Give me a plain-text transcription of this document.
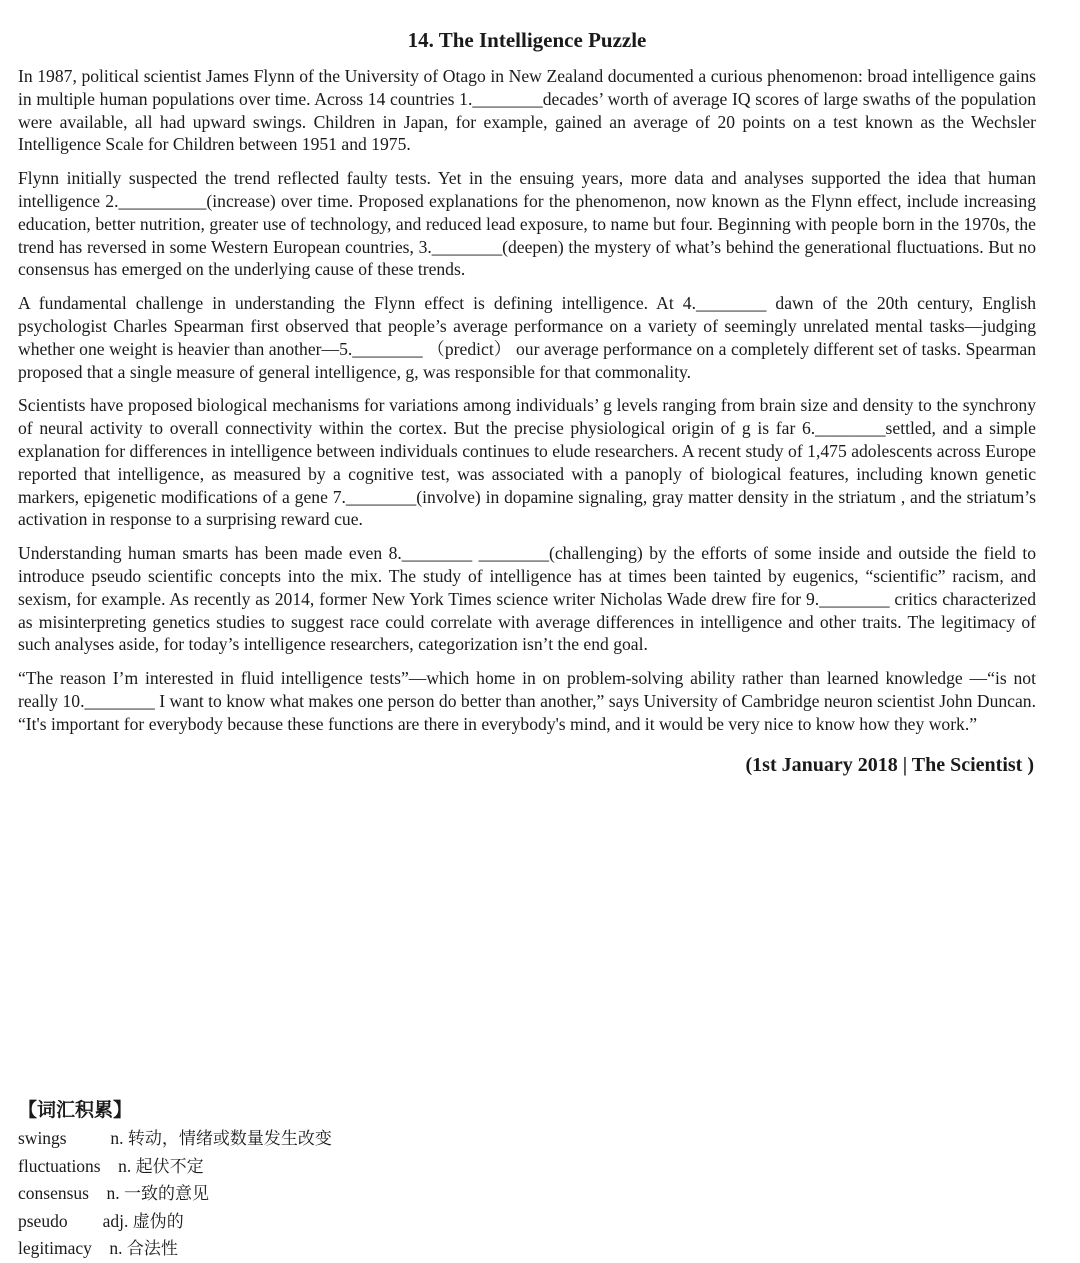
14. The Intelligence Puzzle

In 1987, political scientist James Flynn of the University of Otago in New Zealand documented a curious phenomenon: broad intelligence gains in multiple human populations over time. Across 14 countries 1.________decades’ worth of average IQ scores of large swaths of the population were available, all had upward swings. Children in Japan, for example, gained an average of 20 points on a test known as the Wechsler Intelligence Scale for Children between 1951 and 1975.

Flynn initially suspected the trend reflected faulty tests. Yet in the ensuing years, more data and analyses supported the idea that human intelligence 2.__________(increase) over time. Proposed explanations for the phenomenon, now known as the Flynn effect, include increasing education, better nutrition, greater use of technology, and reduced lead exposure, to name but four. Beginning with people born in the 1970s, the trend has reversed in some Western European countries, 3.________(deepen) the mystery of what’s behind the generational fluctuations. But no consensus has emerged on the underlying cause of these trends.

A fundamental challenge in understanding the Flynn effect is defining intelligence. At 4.________ dawn of the 20th century, English psychologist Charles Spearman first observed that people’s average performance on a variety of seemingly unrelated mental tasks—judging whether one weight is heavier than another—5.________ （predict） our average performance on a completely different set of tasks. Spearman proposed that a single measure of general intelligence, g, was responsible for that commonality.

Scientists have proposed biological mechanisms for variations among individuals’ g levels ranging from brain size and density to the synchrony of neural activity to overall connectivity within the cortex. But the precise physiological origin of g is far 6.________settled, and a simple explanation for differences in intelligence between individuals continues to elude researchers. A recent study of 1,475 adolescents across Europe reported that intelligence, as measured by a cognitive test, was associated with a panoply of biological features, including known genetic markers, epigenetic modifications of a gene 7.________(involve) in dopamine signaling, gray matter density in the striatum , and the striatum’s activation in response to a surprising reward cue.

Understanding human smarts has been made even 8.________ ________(challenging) by the efforts of some inside and outside the field to introduce pseudo scientific concepts into the mix. The study of intelligence has at times been tainted by eugenics, “scientific” racism, and sexism, for example. As recently as 2014, former New York Times science writer Nicholas Wade drew fire for 9.________ critics characterized as misinterpreting genetics studies to suggest race could correlate with average differences in intelligence and other traits. The legitimacy of such analyses aside, for today’s intelligence researchers, categorization isn’t the end goal.

“The reason I’m interested in fluid intelligence tests”—which home in on problem-solving ability rather than learned knowledge —“is not really 10.________ I want to know what makes one person do better than another,” says University of Cambridge neuron scientist John Duncan. “It's important for everybody because these functions are there in everybody's mind, and it would be very nice to know how they work.”

(1st January 2018 | The Scientist )
【词汇积累】
swings	n. 转动，情绪或数量发生改变
fluctuations n. 起伏不定
consensus n. 一致的意见
pseudo adj. 虚伪的
legitimacy n. 合法性
